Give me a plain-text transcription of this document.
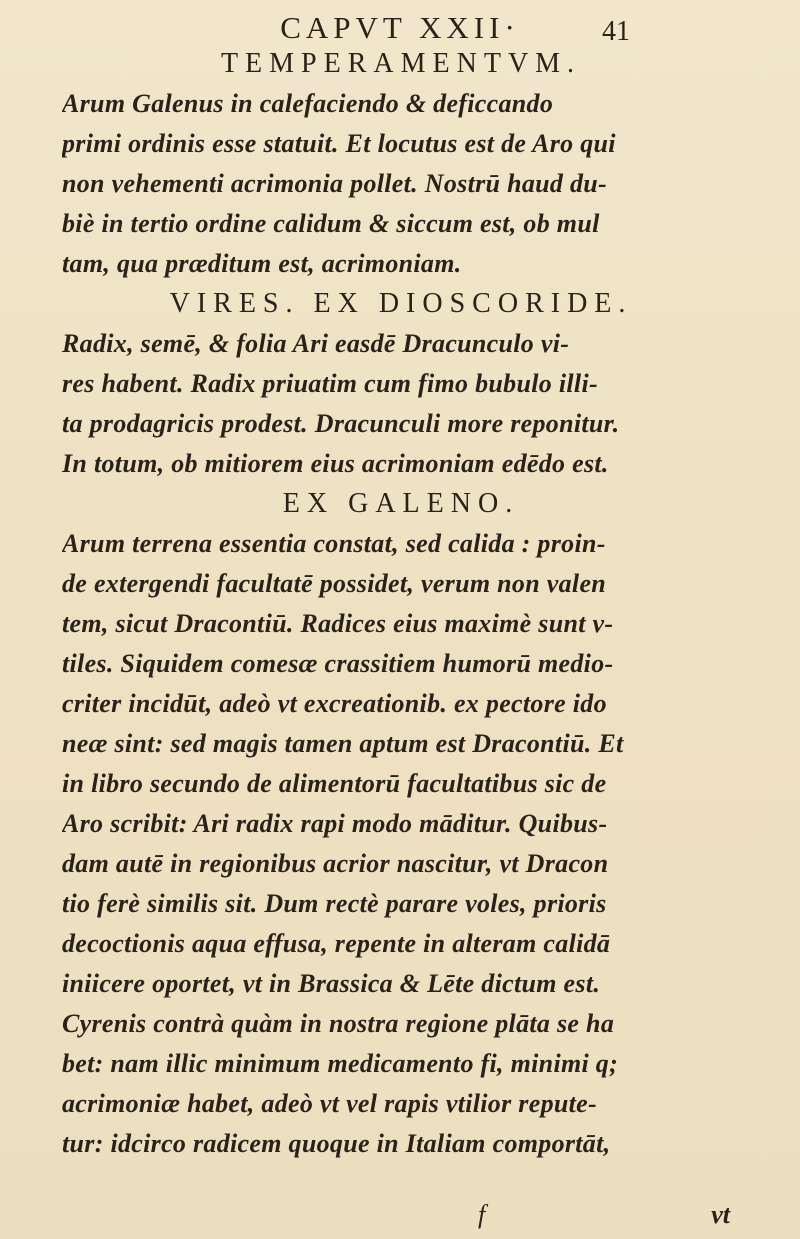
CAPVT XXII·	41
TEMPERAMENTVM.
Arum Galenus in calefaciendo & deficcando
primi ordinis esse statuit. Et locutus est de Aro qui
non vehementi acrimonia pollet. Nostrū haud du-
biè in tertio ordine calidum & siccum est, ob mul
tam, qua præditum est, acrimoniam.
VIRES. EX DIOSCORIDE.
Radix, semē, & folia Ari easdē Dracunculo vi-
res habent. Radix priuatim cum fimo bubulo illi-
ta prodagricis prodest. Dracunculi more reponitur.
In totum, ob mitiorem eius acrimoniam edēdo est.
EX GALENO.
Arum terrena essentia constat, sed calida : proin-
de extergendi facultatē possidet, verum non valen
tem, sicut Dracontiū. Radices eius maximè sunt v-
tiles. Siquidem comesæ crassitiem humorū medio-
criter incidūt, adeò vt excreationib. ex pectore ido
neæ sint: sed magis tamen aptum est Dracontiū. Et
in libro secundo de alimentorū facultatibus sic de
Aro scribit: Ari radix rapi modo māditur. Quibus-
dam autē in regionibus acrior nascitur, vt Dracon
tio ferè similis sit. Dum rectè parare voles, prioris
decoctionis aqua effusa, repente in alteram calidā
iniicere oportet, vt in Brassica & Lēte dictum est.
Cyrenis contrà quàm in nostra regione plāta se ha
bet: nam illic minimum medicamento fi, minimi q;
acrimoniæ habet, adeò vt vel rapis vtilior repute-
tur: idcirco radicem quoque in Italiam comportāt,
f	vt
